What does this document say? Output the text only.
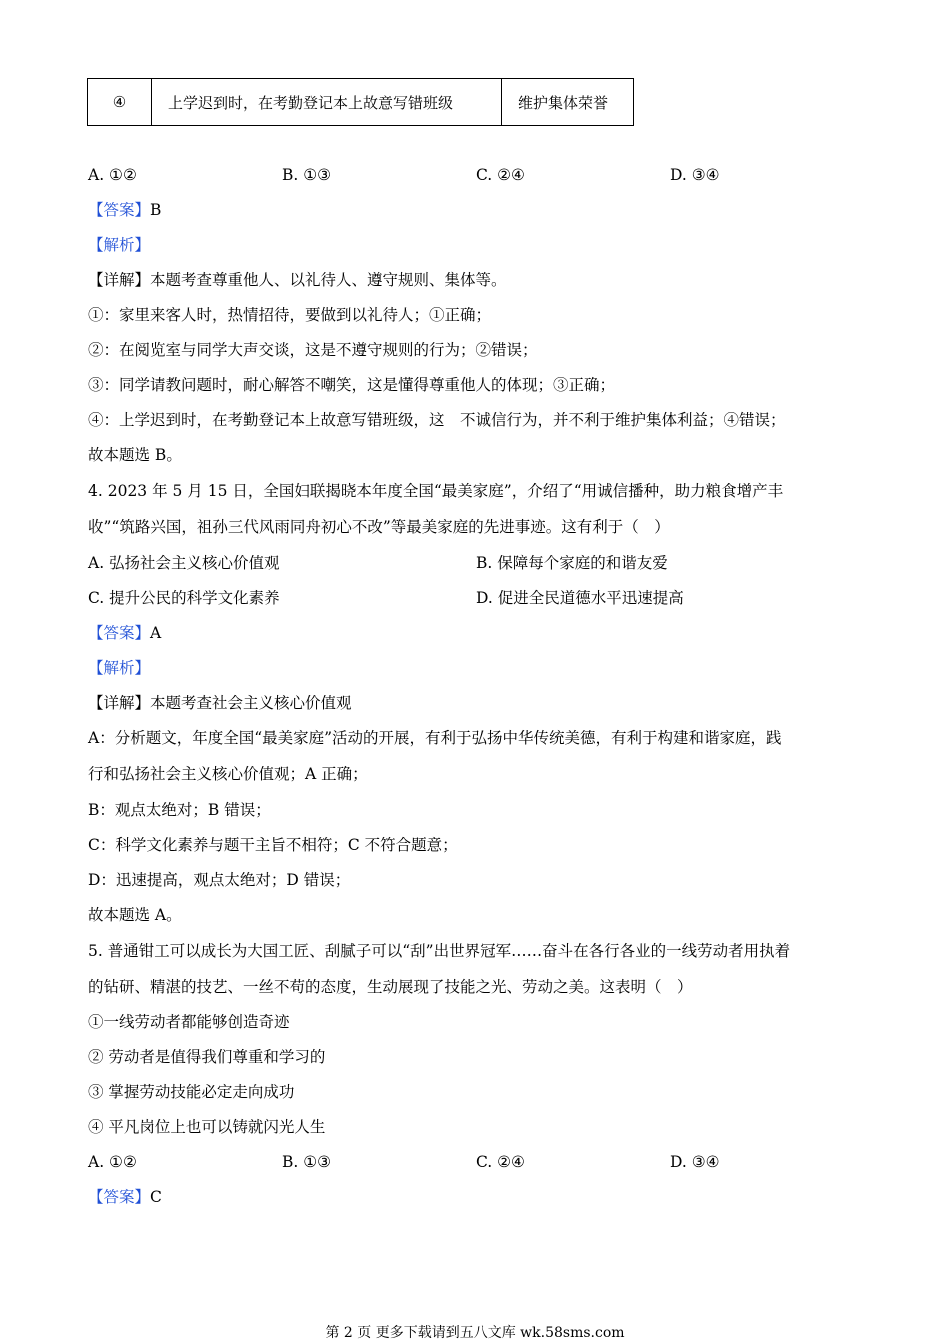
④	上学迟到时，在考勤登记本上故意写错班级	维护集体荣誉
A. ①②	B. ①③	C. ②④	D. ③④
【答案】B
【解析】
【详解】本题考查尊重他人、以礼待人、遵守规则、集体等。
①：家里来客人时，热情招待，要做到以礼待人；①正确；
②：在阅览室与同学大声交谈，这是不遵守规则的行为；②错误；
③：同学请教问题时，耐心解答不嘲笑，这是懂得尊重他人的体现；③正确；
④：上学迟到时，在考勤登记本上故意写错班级，这　不诚信行为，并不利于维护集体利益；④错误；
故本题选 B。
4. 2023 年 5 月 15 日，全国妇联揭晓本年度全国“最美家庭”，介绍了“用诚信播种，助力粮食增产丰
收”“筑路兴国，祖孙三代风雨同舟初心不改”等最美家庭的先进事迹。这有利于（　）
A. 弘扬社会主义核心价值观	B. 保障每个家庭的和谐友爱
C. 提升公民的科学文化素养	D. 促进全民道德水平迅速提高
【答案】A
【解析】
【详解】本题考查社会主义核心价值观
A：分析题文，年度全国“最美家庭”活动的开展，有利于弘扬中华传统美德，有利于构建和谐家庭，践
行和弘扬社会主义核心价值观；A 正确；
B：观点太绝对；B 错误；
C：科学文化素养与题干主旨不相符；C 不符合题意；
D：迅速提高，观点太绝对；D 错误；
故本题选 A。
5. 普通钳工可以成长为大国工匠、刮腻子可以“刮”出世界冠军……奋斗在各行各业的一线劳动者用执着
的钻研、精湛的技艺、一丝不苟的态度，生动展现了技能之光、劳动之美。这表明（　）
①一线劳动者都能够创造奇迹
② 劳动者是值得我们尊重和学习的
③ 掌握劳动技能必定走向成功
④ 平凡岗位上也可以铸就闪光人生
A. ①②	B. ①③	C. ②④	D. ③④
【答案】C
第 2 页 更多下载请到五八文库 wk.58sms.com
